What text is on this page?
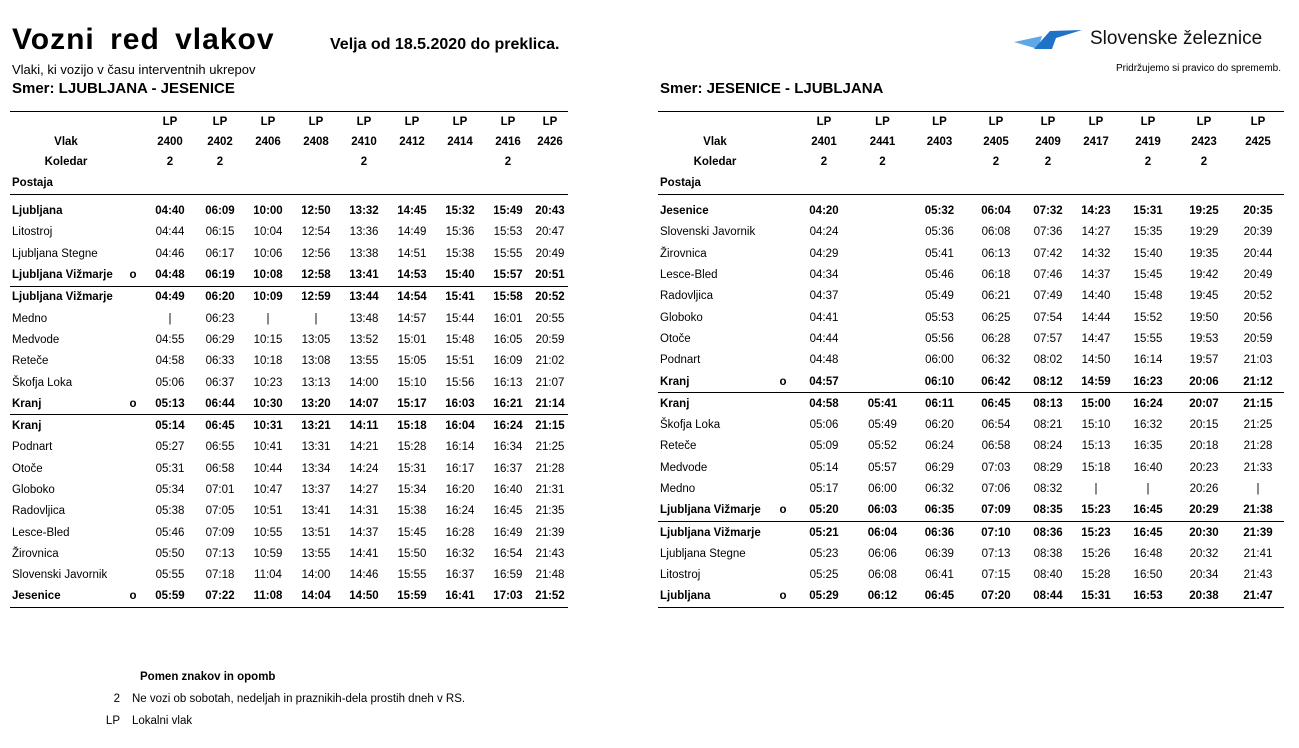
Vozni red vlakov	Velja od 18.5.2020 do preklica.
Vlaki, ki vozijo v času interventnih ukrepov
Smer: LJUBLJANA - JESENICE	Smer: JESENICE - LJUBLJANA
Slovenske železnice
Pridržujemo si pravico do sprememb.
		LP	LP	LP	LP	LP	LP	LP	LP	LP
Vlak		2400	2402	2406	2408	2410	2412	2414	2416	2426
Koledar		2	2			2			2	
Postaja										

Ljubljana		04:40	06:09	10:00	12:50	13:32	14:45	15:32	15:49	20:43
Litostroj		04:44	06:15	10:04	12:54	13:36	14:49	15:36	15:53	20:47
Ljubljana Stegne		04:46	06:17	10:06	12:56	13:38	14:51	15:38	15:55	20:49
Ljubljana Vižmarje	o	04:48	06:19	10:08	12:58	13:41	14:53	15:40	15:57	20:51
Ljubljana Vižmarje		04:49	06:20	10:09	12:59	13:44	14:54	15:41	15:58	20:52
Medno		|	06:23	|	|	13:48	14:57	15:44	16:01	20:55
Medvode		04:55	06:29	10:15	13:05	13:52	15:01	15:48	16:05	20:59
Reteče		04:58	06:33	10:18	13:08	13:55	15:05	15:51	16:09	21:02
Škofja Loka		05:06	06:37	10:23	13:13	14:00	15:10	15:56	16:13	21:07
Kranj	o	05:13	06:44	10:30	13:20	14:07	15:17	16:03	16:21	21:14
Kranj		05:14	06:45	10:31	13:21	14:11	15:18	16:04	16:24	21:15
Podnart		05:27	06:55	10:41	13:31	14:21	15:28	16:14	16:34	21:25
Otoče		05:31	06:58	10:44	13:34	14:24	15:31	16:17	16:37	21:28
Globoko		05:34	07:01	10:47	13:37	14:27	15:34	16:20	16:40	21:31
Radovljica		05:38	07:05	10:51	13:41	14:31	15:38	16:24	16:45	21:35
Lesce-Bled		05:46	07:09	10:55	13:51	14:37	15:45	16:28	16:49	21:39
Žirovnica		05:50	07:13	10:59	13:55	14:41	15:50	16:32	16:54	21:43
Slovenski Javornik		05:55	07:18	11:04	14:00	14:46	15:55	16:37	16:59	21:48
Jesenice	o	05:59	07:22	11:08	14:04	14:50	15:59	16:41	17:03	21:52
		LP	LP	LP	LP	LP	LP	LP	LP	LP
Vlak		2401	2441	2403	2405	2409	2417	2419	2423	2425
Koledar		2	2		2	2		2	2	
Postaja										

Jesenice		04:20		05:32	06:04	07:32	14:23	15:31	19:25	20:35
Slovenski Javornik		04:24		05:36	06:08	07:36	14:27	15:35	19:29	20:39
Žirovnica		04:29		05:41	06:13	07:42	14:32	15:40	19:35	20:44
Lesce-Bled		04:34		05:46	06:18	07:46	14:37	15:45	19:42	20:49
Radovljica		04:37		05:49	06:21	07:49	14:40	15:48	19:45	20:52
Globoko		04:41		05:53	06:25	07:54	14:44	15:52	19:50	20:56
Otoče		04:44		05:56	06:28	07:57	14:47	15:55	19:53	20:59
Podnart		04:48		06:00	06:32	08:02	14:50	16:14	19:57	21:03
Kranj	o	04:57		06:10	06:42	08:12	14:59	16:23	20:06	21:12
Kranj		04:58	05:41	06:11	06:45	08:13	15:00	16:24	20:07	21:15
Škofja Loka		05:06	05:49	06:20	06:54	08:21	15:10	16:32	20:15	21:25
Reteče		05:09	05:52	06:24	06:58	08:24	15:13	16:35	20:18	21:28
Medvode		05:14	05:57	06:29	07:03	08:29	15:18	16:40	20:23	21:33
Medno		05:17	06:00	06:32	07:06	08:32	|	|	20:26	|
Ljubljana Vižmarje	o	05:20	06:03	06:35	07:09	08:35	15:23	16:45	20:29	21:38
Ljubljana Vižmarje		05:21	06:04	06:36	07:10	08:36	15:23	16:45	20:30	21:39
Ljubljana Stegne		05:23	06:06	06:39	07:13	08:38	15:26	16:48	20:32	21:41
Litostroj		05:25	06:08	06:41	07:15	08:40	15:28	16:50	20:34	21:43
Ljubljana	o	05:29	06:12	06:45	07:20	08:44	15:31	16:53	20:38	21:47
Pomen znakov in opomb
2 Ne vozi ob sobotah, nedeljah in praznikih-dela prostih dneh v RS.
LP Lokalni vlak
